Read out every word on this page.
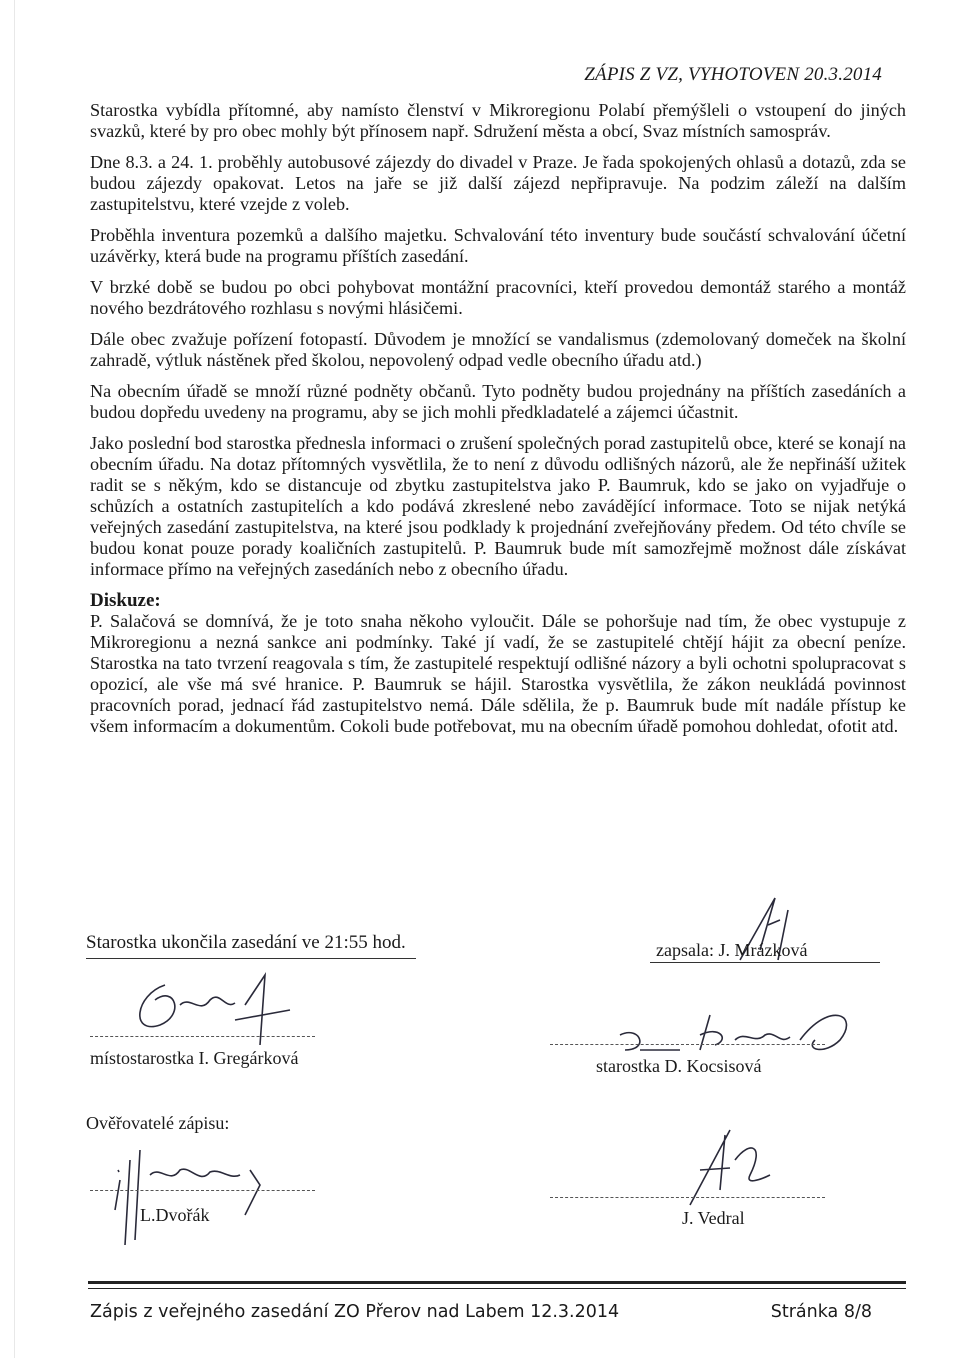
ZÁPIS Z VZ, VYHOTOVEN 20.3.2014

Starostka vybídla přítomné, aby namísto členství v Mikroregionu Polabí přemýšleli o vstoupení do jiných svazků, které by pro obec mohly být přínosem např. Sdružení města a obcí, Svaz místních samospráv.

Dne 8.3. a 24. 1. proběhly autobusové zájezdy do divadel v Praze. Je řada spokojených ohlasů a dotazů, zda se budou zájezdy opakovat. Letos na jaře se již další zájezd nepřipravuje. Na podzim záleží na dalším zastupitelstvu, které vzejde z voleb.

Proběhla inventura pozemků a dalšího majetku. Schvalování této inventury bude součástí schvalování účetní uzávěrky, která bude na programu příštích zasedání.

V brzké době se budou po obci pohybovat montážní pracovníci, kteří provedou demontáž starého a montáž nového bezdrátového rozhlasu s novými hlásičemi.

Dále obec zvažuje pořízení fotopastí. Důvodem je množící se vandalismus (zdemolovaný domeček na školní zahradě, výtluk nástěnek před školou, nepovolený odpad vedle obecního úřadu atd.)

Na obecním úřadě se množí různé podněty občanů. Tyto podněty budou projednány na příštích zasedáních a budou dopředu uvedeny na programu, aby se jich mohli předkladatelé a zájemci účastnit.

Jako poslední bod starostka přednesla informaci o zrušení společných porad zastupitelů obce, které se konají na obecním úřadu. Na dotaz přítomných vysvětlila, že to není z důvodu odlišných názorů, ale že nepřináší užitek radit se s někým, kdo se distancuje od zbytku zastupitelstva jako P. Baumruk, kdo se jako on vyjadřuje o schůzích a ostatních zastupitelích a kdo podává zkreslené nebo zavádějící informace. Toto se nijak netýká veřejných zasedání zastupitelstva, na které jsou podklady k projednání zveřejňovány předem. Od této chvíle se budou konat pouze porady koaličních zastupitelů. P. Baumruk bude mít samozřejmě možnost dále získávat informace přímo na veřejných zasedáních nebo z obecního úřadu.

Diskuze:

P. Salačová se domnívá, že je toto snaha někoho vyloučit. Dále se pohoršuje nad tím, že obec vystupuje z Mikroregionu a nezná sankce ani podmínky. Také jí vadí, že se zastupitelé chtějí hájit za obecní peníze. Starostka na tato tvrzení reagovala s tím, že zastupitelé respektují odlišné názory a byli ochotni spolupracovat s opozicí, ale vše má své hranice. P. Baumruk se hájil. Starostka vysvětlila, že zákon neukládá povinnost pracovních porad, jednací řád zastupitelstvo nemá. Dále sdělila, že p. Baumruk bude mít nadále přístup ke všem informacím a dokumentům. Cokoli bude potřebovat, mu na obecním úřadě pomohou dohledat, ofotit atd.

Starostka ukončila zasedání ve 21:55 hod.	zapsala: J. Mrázková
místostarostka I. Gregárková	starostka D. Kocsisová
Ověřovatelé zápisu:
L.Dvořák	J. Vedral
Zápis z veřejného zasedání ZO Přerov nad Labem 12.3.2014	Stránka 8/8
